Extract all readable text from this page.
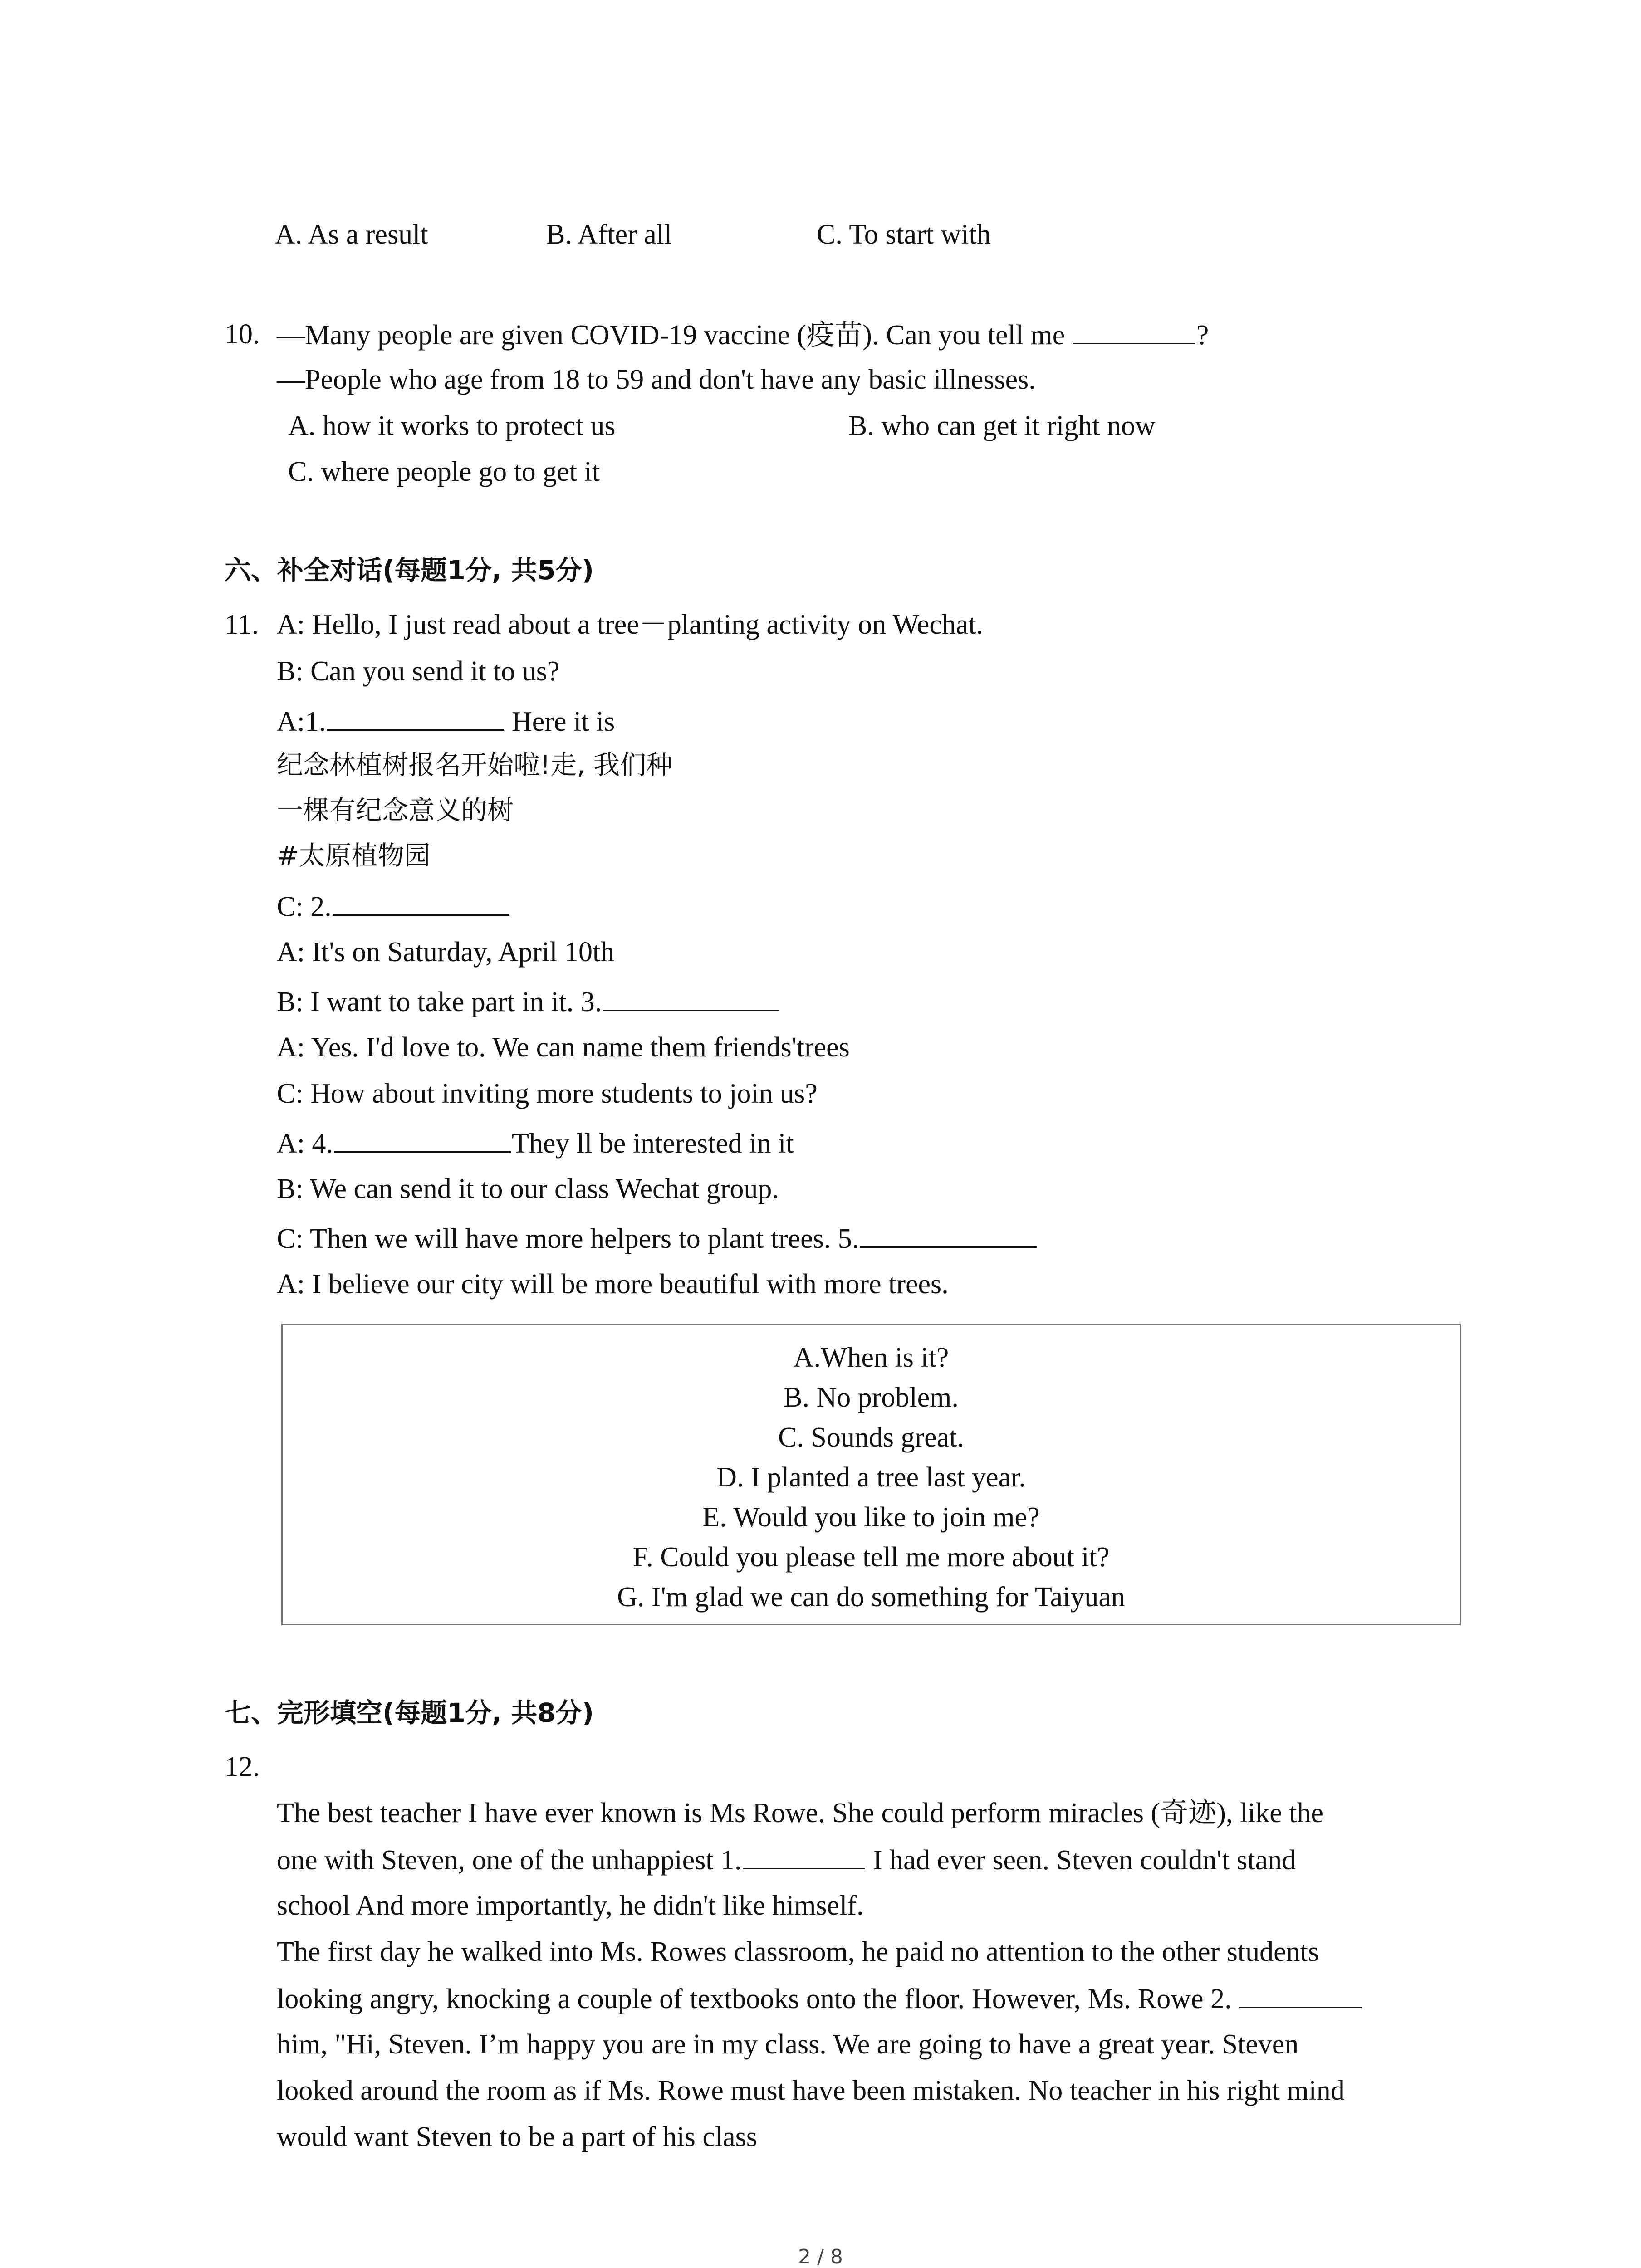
A. As a result	B. After all	C. To start with
10. —Many people are given COVID-19 vaccine (疫苗). Can you tell me	?
—People who age from 18 to 59 and don't have any basic illnesses.
A. how it works to protect us	B. who can get it right now
C. where people go to get it
六、补全对话(每题1分, 共5分)
11. A: Hello, I just read about a tree－planting activity on Wechat.
B: Can you send it to us?
A:1.	Here it is
纪念林植树报名开始啦!走, 我们种
一棵有纪念意义的树
#太原植物园
C: 2.
A: It's on Saturday, April 10th
B: I want to take part in it. 3.
A: Yes. I'd love to. We can name them friends'trees
C: How about inviting more students to join us?
A: 4.	They ll be interested in it
B: We can send it to our class Wechat group.
C: Then we will have more helpers to plant trees. 5.
A: I believe our city will be more beautiful with more trees.
A.When is it?
B. No problem.
C. Sounds great.
D. I planted a tree last year.
E. Would you like to join me?
F. Could you please tell me more about it?
G. I'm glad we can do something for Taiyuan
七、完形填空(每题1分, 共8分)
12.
The best teacher I have ever known is Ms Rowe. She could perform miracles (奇迹), like the
one with Steven, one of the unhappiest 1.	I had ever seen. Steven couldn't stand
school And more importantly, he didn't like himself.
The first day he walked into Ms. Rowes classroom, he paid no attention to the other students
looking angry, knocking a couple of textbooks onto the floor. However, Ms. Rowe 2.
him, "Hi, Steven. I’m happy you are in my class. We are going to have a great year. Steven
looked around the room as if Ms. Rowe must have been mistaken. No teacher in his right mind
would want Steven to be a part of his class
2 / 8
